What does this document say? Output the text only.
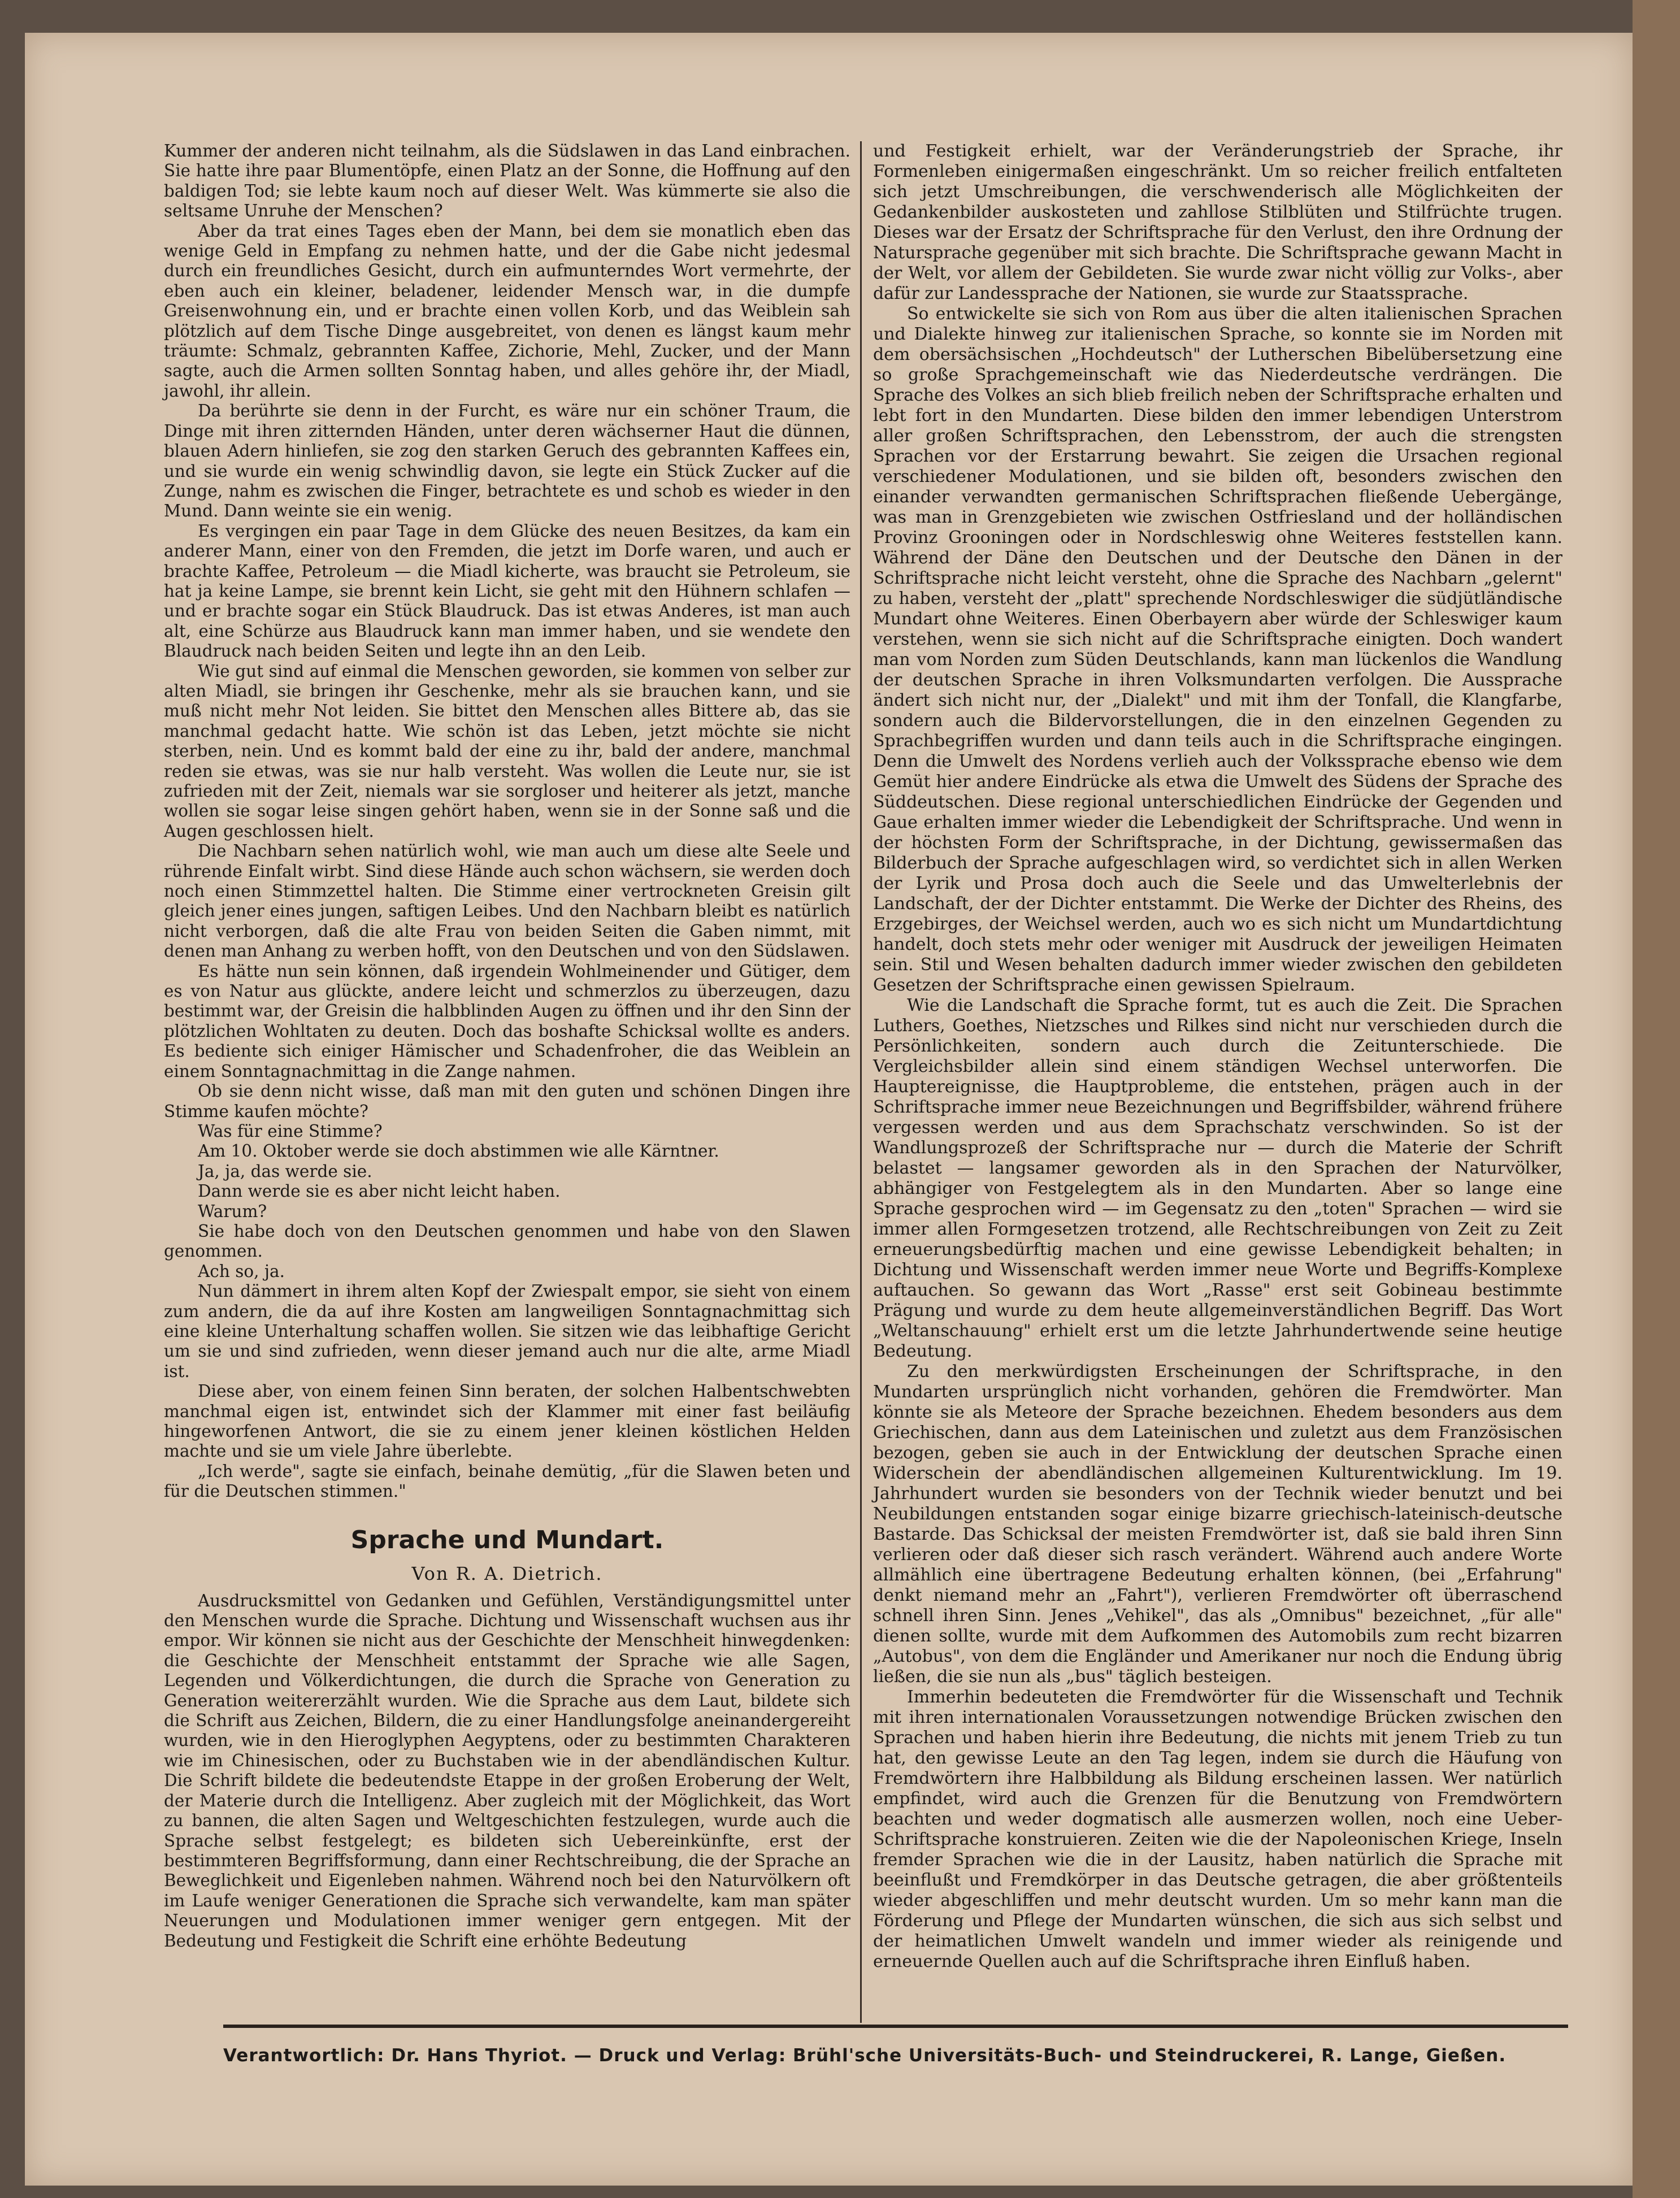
Kummer der anderen nicht teilnahm, als die Südslawen in das Land einbrachen. Sie hatte ihre paar Blumentöpfe, einen Platz an der Sonne, die Hoffnung auf den baldigen Tod; sie lebte kaum noch auf dieser Welt. Was kümmerte sie also die seltsame Unruhe der Menschen?

Aber da trat eines Tages eben der Mann, bei dem sie monatlich eben das wenige Geld in Empfang zu nehmen hatte, und der die Gabe nicht jedesmal durch ein freundliches Gesicht, durch ein aufmunterndes Wort vermehrte, der eben auch ein kleiner, beladener, leidender Mensch war, in die dumpfe Greisenwohnung ein, und er brachte einen vollen Korb, und das Weiblein sah plötzlich auf dem Tische Dinge ausgebreitet, von denen es längst kaum mehr träumte: Schmalz, gebrannten Kaffee, Zichorie, Mehl, Zucker, und der Mann sagte, auch die Armen sollten Sonntag haben, und alles gehöre ihr, der Miadl, jawohl, ihr allein.

Da berührte sie denn in der Furcht, es wäre nur ein schöner Traum, die Dinge mit ihren zitternden Händen, unter deren wächserner Haut die dünnen, blauen Adern hinliefen, sie zog den starken Geruch des gebrannten Kaffees ein, und sie wurde ein wenig schwindlig davon, sie legte ein Stück Zucker auf die Zunge, nahm es zwischen die Finger, betrachtete es und schob es wieder in den Mund. Dann weinte sie ein wenig.

Es vergingen ein paar Tage in dem Glücke des neuen Besitzes, da kam ein anderer Mann, einer von den Fremden, die jetzt im Dorfe waren, und auch er brachte Kaffee, Petroleum — die Miadl kicherte, was braucht sie Petroleum, sie hat ja keine Lampe, sie brennt kein Licht, sie geht mit den Hühnern schlafen — und er brachte sogar ein Stück Blaudruck. Das ist etwas Anderes, ist man auch alt, eine Schürze aus Blaudruck kann man immer haben, und sie wendete den Blaudruck nach beiden Seiten und legte ihn an den Leib.

Wie gut sind auf einmal die Menschen geworden, sie kommen von selber zur alten Miadl, sie bringen ihr Geschenke, mehr als sie brauchen kann, und sie muß nicht mehr Not leiden. Sie bittet den Menschen alles Bittere ab, das sie manchmal gedacht hatte. Wie schön ist das Leben, jetzt möchte sie nicht sterben, nein. Und es kommt bald der eine zu ihr, bald der andere, manchmal reden sie etwas, was sie nur halb versteht. Was wollen die Leute nur, sie ist zufrieden mit der Zeit, niemals war sie sorgloser und heiterer als jetzt, manche wollen sie sogar leise singen gehört haben, wenn sie in der Sonne saß und die Augen geschlossen hielt.

Die Nachbarn sehen natürlich wohl, wie man auch um diese alte Seele und rührende Einfalt wirbt. Sind diese Hände auch schon wächsern, sie werden doch noch einen Stimmzettel halten. Die Stimme einer vertrockneten Greisin gilt gleich jener eines jungen, saftigen Leibes. Und den Nachbarn bleibt es natürlich nicht verborgen, daß die alte Frau von beiden Seiten die Gaben nimmt, mit denen man Anhang zu werben hofft, von den Deutschen und von den Südslawen.

Es hätte nun sein können, daß irgendein Wohlmeinender und Gütiger, dem es von Natur aus glückte, andere leicht und schmerzlos zu überzeugen, dazu bestimmt war, der Greisin die halbblinden Augen zu öffnen und ihr den Sinn der plötzlichen Wohltaten zu deuten. Doch das boshafte Schicksal wollte es anders. Es bediente sich einiger Hämischer und Schadenfroher, die das Weiblein an einem Sonntagnachmittag in die Zange nahmen.

Ob sie denn nicht wisse, daß man mit den guten und schönen Dingen ihre Stimme kaufen möchte?

Was für eine Stimme?

Am 10. Oktober werde sie doch abstimmen wie alle Kärntner.

Ja, ja, das werde sie.

Dann werde sie es aber nicht leicht haben.

Warum?

Sie habe doch von den Deutschen genommen und habe von den Slawen genommen.

Ach so, ja.

Nun dämmert in ihrem alten Kopf der Zwiespalt empor, sie sieht von einem zum andern, die da auf ihre Kosten am langweiligen Sonntagnachmittag sich eine kleine Unterhaltung schaffen wollen. Sie sitzen wie das leibhaftige Gericht um sie und sind zufrieden, wenn dieser jemand auch nur die alte, arme Miadl ist.

Diese aber, von einem feinen Sinn beraten, der solchen Halbentschwebten manchmal eigen ist, entwindet sich der Klammer mit einer fast beiläufig hingeworfenen Antwort, die sie zu einem jener kleinen köstlichen Helden machte und sie um viele Jahre überlebte.

„Ich werde", sagte sie einfach, beinahe demütig, „für die Slawen beten und für die Deutschen stimmen."

Sprache und Mundart.
Von R. A. Dietrich.

Ausdrucksmittel von Gedanken und Gefühlen, Verständigungsmittel unter den Menschen wurde die Sprache. Dichtung und Wissenschaft wuchsen aus ihr empor. Wir können sie nicht aus der Geschichte der Menschheit hinwegdenken: die Geschichte der Menschheit entstammt der Sprache wie alle Sagen, Legenden und Völkerdichtungen, die durch die Sprache von Generation zu Generation weitererzählt wurden. Wie die Sprache aus dem Laut, bildete sich die Schrift aus Zeichen, Bildern, die zu einer Handlungsfolge aneinandergereiht wurden, wie in den Hieroglyphen Aegyptens, oder zu bestimmten Charakteren wie im Chinesischen, oder zu Buchstaben wie in der abendländischen Kultur. Die Schrift bildete die bedeutendste Etappe in der großen Eroberung der Welt, der Materie durch die Intelligenz. Aber zugleich mit der Möglichkeit, das Wort zu bannen, die alten Sagen und Weltgeschichten festzulegen, wurde auch die Sprache selbst festgelegt; es bildeten sich Uebereinkünfte, erst der bestimmteren Begriffsformung, dann einer Rechtschreibung, die der Sprache an Beweglichkeit und Eigenleben nahmen. Während noch bei den Naturvölkern oft im Laufe weniger Generationen die Sprache sich verwandelte, kam man später Neuerungen und Modulationen immer weniger gern entgegen. Mit der Bedeutung und Festigkeit die Schrift eine erhöhte Bedeutung

und Festigkeit erhielt, war der Veränderungstrieb der Sprache, ihr Formenleben einigermaßen eingeschränkt. Um so reicher freilich entfalteten sich jetzt Umschreibungen, die verschwenderisch alle Möglichkeiten der Gedankenbilder auskosteten und zahllose Stilblüten und Stilfrüchte trugen. Dieses war der Ersatz der Schriftsprache für den Verlust, den ihre Ordnung der Natursprache gegenüber mit sich brachte. Die Schriftsprache gewann Macht in der Welt, vor allem der Gebildeten. Sie wurde zwar nicht völlig zur Volks-, aber dafür zur Landessprache der Nationen, sie wurde zur Staatssprache.

So entwickelte sie sich von Rom aus über die alten italienischen Sprachen und Dialekte hinweg zur italienischen Sprache, so konnte sie im Norden mit dem obersächsischen „Hochdeutsch" der Lutherschen Bibelübersetzung eine so große Sprachgemeinschaft wie das Niederdeutsche verdrängen. Die Sprache des Volkes an sich blieb freilich neben der Schriftsprache erhalten und lebt fort in den Mundarten. Diese bilden den immer lebendigen Unterstrom aller großen Schriftsprachen, den Lebensstrom, der auch die strengsten Sprachen vor der Erstarrung bewahrt. Sie zeigen die Ursachen regional verschiedener Modulationen, und sie bilden oft, besonders zwischen den einander verwandten germanischen Schriftsprachen fließende Uebergänge, was man in Grenzgebieten wie zwischen Ostfriesland und der holländischen Provinz Grooningen oder in Nordschleswig ohne Weiteres feststellen kann. Während der Däne den Deutschen und der Deutsche den Dänen in der Schriftsprache nicht leicht versteht, ohne die Sprache des Nachbarn „gelernt" zu haben, versteht der „platt" sprechende Nordschleswiger die südjütländische Mundart ohne Weiteres. Einen Oberbayern aber würde der Schleswiger kaum verstehen, wenn sie sich nicht auf die Schriftsprache einigten. Doch wandert man vom Norden zum Süden Deutschlands, kann man lückenlos die Wandlung der deutschen Sprache in ihren Volksmundarten verfolgen. Die Aussprache ändert sich nicht nur, der „Dialekt" und mit ihm der Tonfall, die Klangfarbe, sondern auch die Bildervorstellungen, die in den einzelnen Gegenden zu Sprachbegriffen wurden und dann teils auch in die Schriftsprache eingingen. Denn die Umwelt des Nordens verlieh auch der Volkssprache ebenso wie dem Gemüt hier andere Eindrücke als etwa die Umwelt des Südens der Sprache des Süddeutschen. Diese regional unterschiedlichen Eindrücke der Gegenden und Gaue erhalten immer wieder die Lebendigkeit der Schriftsprache. Und wenn in der höchsten Form der Schriftsprache, in der Dichtung, gewissermaßen das Bilderbuch der Sprache aufgeschlagen wird, so verdichtet sich in allen Werken der Lyrik und Prosa doch auch die Seele und das Umwelterlebnis der Landschaft, der der Dichter entstammt. Die Werke der Dichter des Rheins, des Erzgebirges, der Weichsel werden, auch wo es sich nicht um Mundartdichtung handelt, doch stets mehr oder weniger mit Ausdruck der jeweiligen Heimaten sein. Stil und Wesen behalten dadurch immer wieder zwischen den gebildeten Gesetzen der Schriftsprache einen gewissen Spielraum.

Wie die Landschaft die Sprache formt, tut es auch die Zeit. Die Sprachen Luthers, Goethes, Nietzsches und Rilkes sind nicht nur verschieden durch die Persönlichkeiten, sondern auch durch die Zeitunterschiede. Die Vergleichsbilder allein sind einem ständigen Wechsel unterworfen. Die Hauptereignisse, die Hauptprobleme, die entstehen, prägen auch in der Schriftsprache immer neue Bezeichnungen und Begriffsbilder, während frühere vergessen werden und aus dem Sprachschatz verschwinden. So ist der Wandlungsprozeß der Schriftsprache nur — durch die Materie der Schrift belastet — langsamer geworden als in den Sprachen der Naturvölker, abhängiger von Festgelegtem als in den Mundarten. Aber so lange eine Sprache gesprochen wird — im Gegensatz zu den „toten" Sprachen — wird sie immer allen Formgesetzen trotzend, alle Rechtschreibungen von Zeit zu Zeit erneuerungsbedürftig machen und eine gewisse Lebendigkeit behalten; in Dichtung und Wissenschaft werden immer neue Worte und Begriffs-Komplexe auftauchen. So gewann das Wort „Rasse" erst seit Gobineau bestimmte Prägung und wurde zu dem heute allgemeinverständlichen Begriff. Das Wort „Weltanschauung" erhielt erst um die letzte Jahrhundertwende seine heutige Bedeutung.

Zu den merkwürdigsten Erscheinungen der Schriftsprache, in den Mundarten ursprünglich nicht vorhanden, gehören die Fremdwörter. Man könnte sie als Meteore der Sprache bezeichnen. Ehedem besonders aus dem Griechischen, dann aus dem Lateinischen und zuletzt aus dem Französischen bezogen, geben sie auch in der Entwicklung der deutschen Sprache einen Widerschein der abendländischen allgemeinen Kulturentwicklung. Im 19. Jahrhundert wurden sie besonders von der Technik wieder benutzt und bei Neubildungen entstanden sogar einige bizarre griechisch-lateinisch-deutsche Bastarde. Das Schicksal der meisten Fremdwörter ist, daß sie bald ihren Sinn verlieren oder daß dieser sich rasch verändert. Während auch andere Worte allmählich eine übertragene Bedeutung erhalten können, (bei „Erfahrung" denkt niemand mehr an „Fahrt"), verlieren Fremdwörter oft überraschend schnell ihren Sinn. Jenes „Vehikel", das als „Omnibus" bezeichnet, „für alle" dienen sollte, wurde mit dem Aufkommen des Automobils zum recht bizarren „Autobus", von dem die Engländer und Amerikaner nur noch die Endung übrig ließen, die sie nun als „bus" täglich besteigen.

Immerhin bedeuteten die Fremdwörter für die Wissenschaft und Technik mit ihren internationalen Voraussetzungen notwendige Brücken zwischen den Sprachen und haben hierin ihre Bedeutung, die nichts mit jenem Trieb zu tun hat, den gewisse Leute an den Tag legen, indem sie durch die Häufung von Fremdwörtern ihre Halbbildung als Bildung erscheinen lassen. Wer natürlich empfindet, wird auch die Grenzen für die Benutzung von Fremdwörtern beachten und weder dogmatisch alle ausmerzen wollen, noch eine Ueber-Schriftsprache konstruieren. Zeiten wie die der Napoleonischen Kriege, Inseln fremder Sprachen wie die in der Lausitz, haben natürlich die Sprache mit beeinflußt und Fremdkörper in das Deutsche getragen, die aber größtenteils wieder abgeschliffen und mehr deutscht wurden. Um so mehr kann man die Förderung und Pflege der Mundarten wünschen, die sich aus sich selbst und der heimatlichen Umwelt wandeln und immer wieder als reinigende und erneuernde Quellen auch auf die Schriftsprache ihren Einfluß haben.

Verantwortlich: Dr. Hans Thyriot. — Druck und Verlag: Brühl'sche Universitäts-Buch- und Steindruckerei, R. Lange, Gießen.
